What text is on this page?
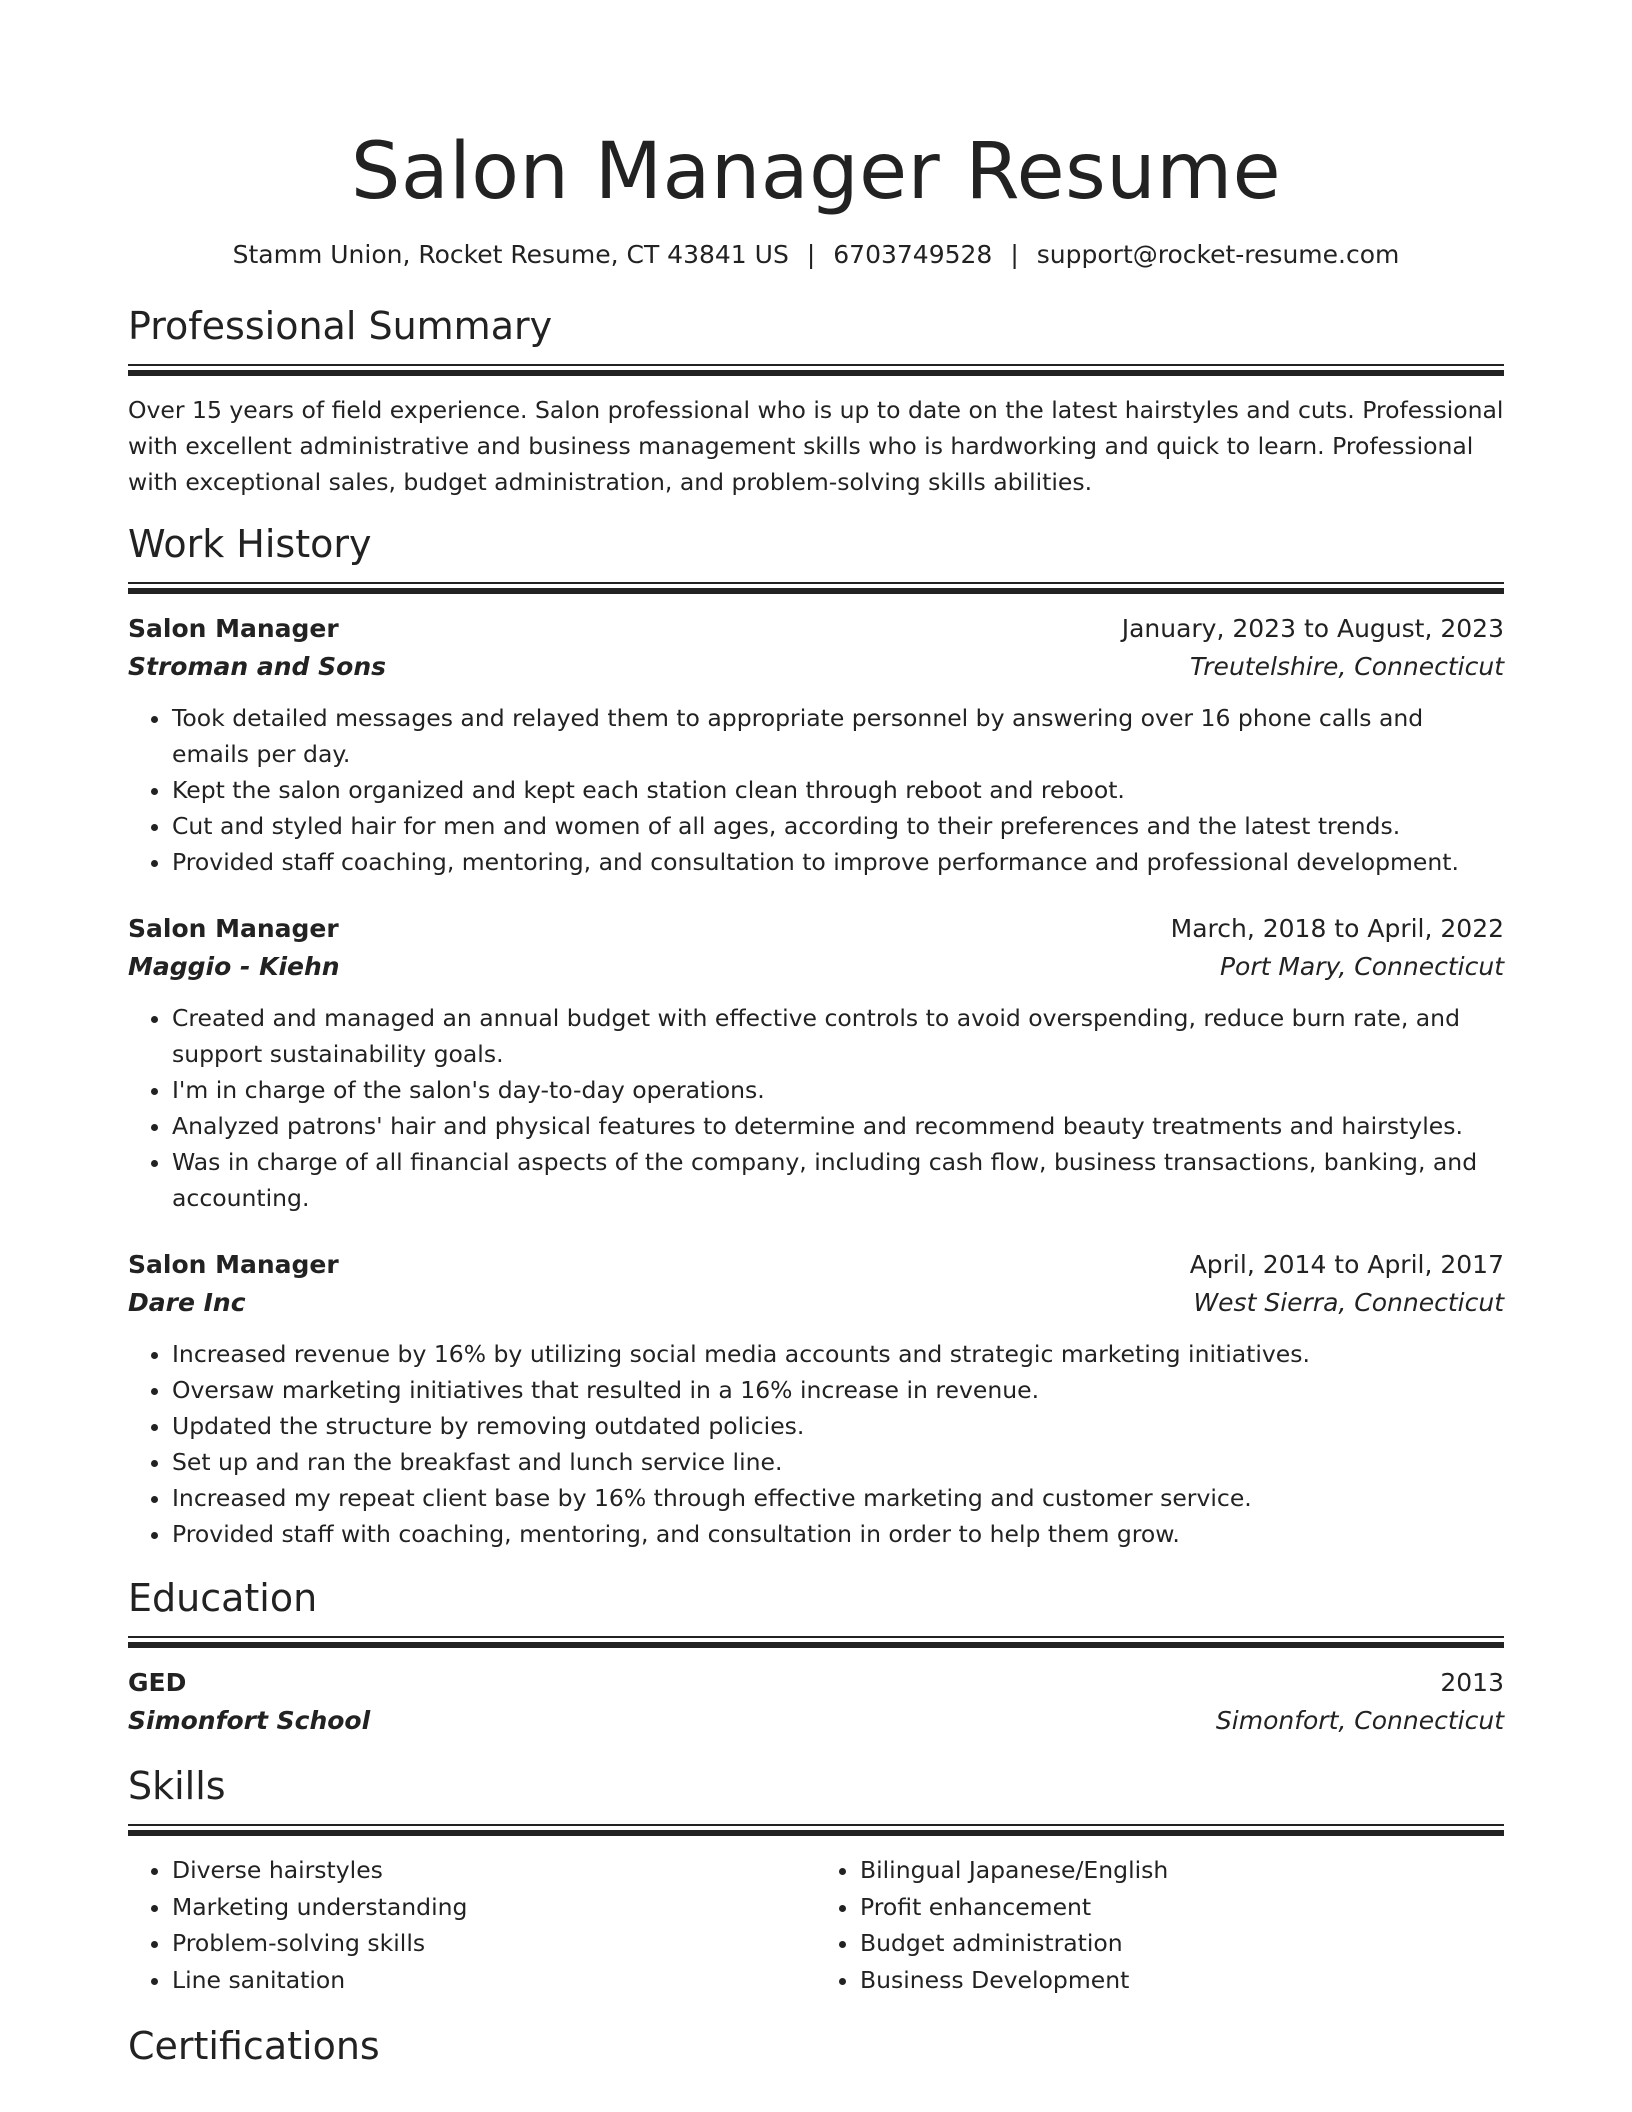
Salon Manager Resume
Stamm Union, Rocket Resume, CT 43841 US | 6703749528 | support@rocket-resume.com
Professional Summary

Over 15 years of field experience. Salon professional who is up to date on the latest hairstyles and cuts. Professional with excellent administrative and business management skills who is hardworking and quick to learn. Professional with exceptional sales, budget administration, and problem-solving skills abilities.

Work History
Salon Manager	January, 2023 to August, 2023
Stroman and Sons	Treutelshire, Connecticut
• Took detailed messages and relayed them to appropriate personnel by answering over 16 phone calls and emails per day.
• Kept the salon organized and kept each station clean through reboot and reboot.
• Cut and styled hair for men and women of all ages, according to their preferences and the latest trends.
• Provided staff coaching, mentoring, and consultation to improve performance and professional development.
Salon Manager	March, 2018 to April, 2022
Maggio - Kiehn	Port Mary, Connecticut
• Created and managed an annual budget with effective controls to avoid overspending, reduce burn rate, and support sustainability goals.
• I'm in charge of the salon's day-to-day operations.
• Analyzed patrons' hair and physical features to determine and recommend beauty treatments and hairstyles.
• Was in charge of all financial aspects of the company, including cash flow, business transactions, banking, and accounting.
Salon Manager	April, 2014 to April, 2017
Dare Inc	West Sierra, Connecticut
• Increased revenue by 16% by utilizing social media accounts and strategic marketing initiatives.
• Oversaw marketing initiatives that resulted in a 16% increase in revenue.
• Updated the structure by removing outdated policies.
• Set up and ran the breakfast and lunch service line.
• Increased my repeat client base by 16% through effective marketing and customer service.
• Provided staff with coaching, mentoring, and consultation in order to help them grow.
Education
GED	2013
Simonfort School	Simonfort, Connecticut
Skills
• Diverse hairstyles
• Marketing understanding
• Problem-solving skills
• Line sanitation
• Bilingual Japanese/English
• Profit enhancement
• Budget administration
• Business Development
Certifications
